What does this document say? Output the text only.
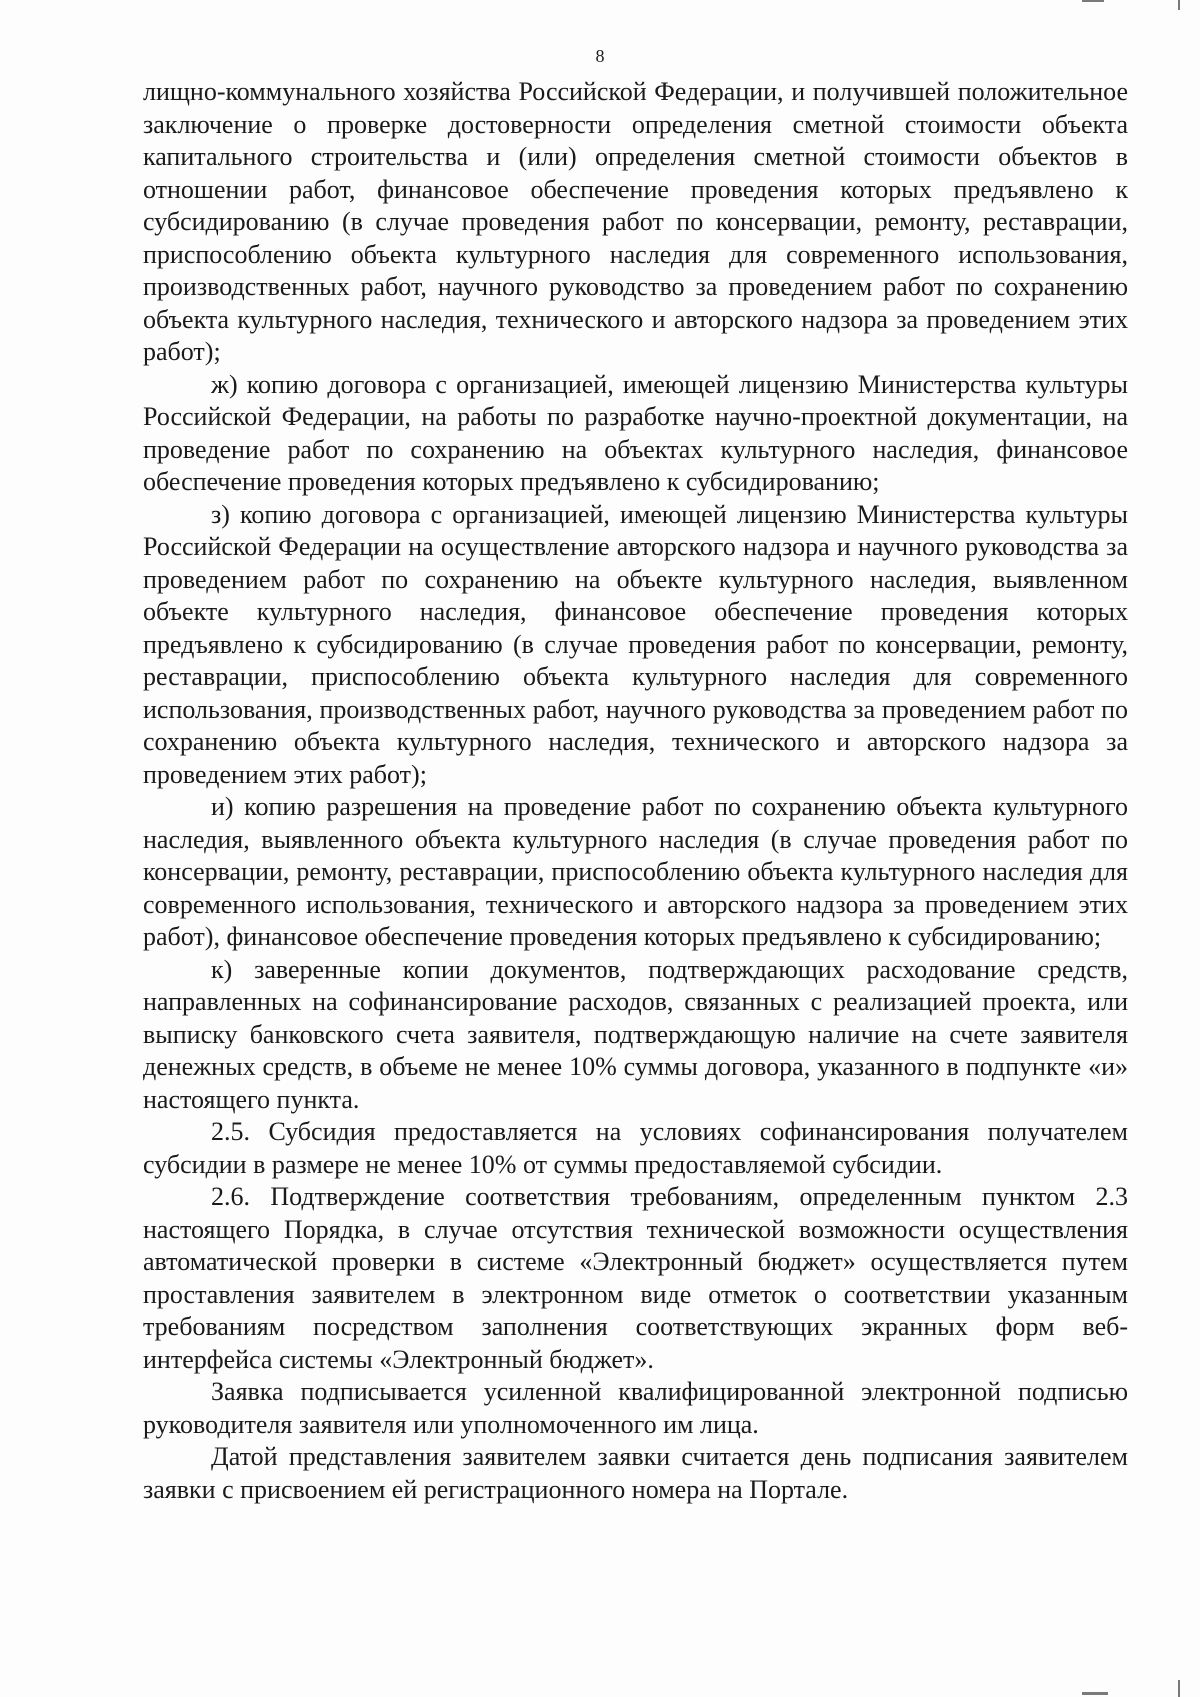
8

лищно-коммунального хозяйства Российской Федерации, и получившей положительное заключение о проверке достоверности определения сметной стоимости объекта капитального строительства и (или) определения сметной стоимости объектов в отношении работ, финансовое обеспечение проведения которых предъявлено к субсидированию (в случае проведения работ по консервации, ремонту, реставрации, приспособлению объекта культурного наследия для современного использования, производственных работ, научного руководство за проведением работ по сохранению объекта культурного наследия, технического и авторского надзора за проведением этих работ);

ж) копию договора с организацией, имеющей лицензию Министерства культуры Российской Федерации, на работы по разработке научно-проектной документации, на проведение работ по сохранению на объектах культурного наследия, финансовое обеспечение проведения которых предъявлено к субсидированию;

з) копию договора с организацией, имеющей лицензию Министерства культуры Российской Федерации на осуществление авторского надзора и научного руководства за проведением работ по сохранению на объекте культурного наследия, выявленном объекте культурного наследия, финансовое обеспечение проведения которых предъявлено к субсидированию (в случае проведения работ по консервации, ремонту, реставрации, приспособлению объекта культурного наследия для современного использования, производственных работ, научного руководства за проведением работ по сохранению объекта культурного наследия, технического и авторского надзора за проведением этих работ);

и) копию разрешения на проведение работ по сохранению объекта культурного наследия, выявленного объекта культурного наследия (в случае проведения работ по консервации, ремонту, реставрации, приспособлению объекта культурного наследия для современного использования, технического и авторского надзора за проведением этих работ), финансовое обеспечение проведения которых предъявлено к субсидированию;

к) заверенные копии документов, подтверждающих расходование средств, направленных на софинансирование расходов, связанных с реализацией проекта, или выписку банковского счета заявителя, подтверждающую наличие на счете заявителя денежных средств, в объеме не менее 10% суммы договора, указанного в подпункте «и» настоящего пункта.

2.5. Субсидия предоставляется на условиях софинансирования получателем субсидии в размере не менее 10% от суммы предоставляемой субсидии.

2.6. Подтверждение соответствия требованиям, определенным пунктом 2.3 настоящего Порядка, в случае отсутствия технической возможности осуществления автоматической проверки в системе «Электронный бюджет» осуществляется путем проставления заявителем в электронном виде отметок о соответствии указанным требованиям посредством заполнения соответствующих экранных форм веб-интерфейса системы «Электронный бюджет».

Заявка подписывается усиленной квалифицированной электронной подписью руководителя заявителя или уполномоченного им лица.

Датой представления заявителем заявки считается день подписания заявителем заявки с присвоением ей регистрационного номера на Портале.
